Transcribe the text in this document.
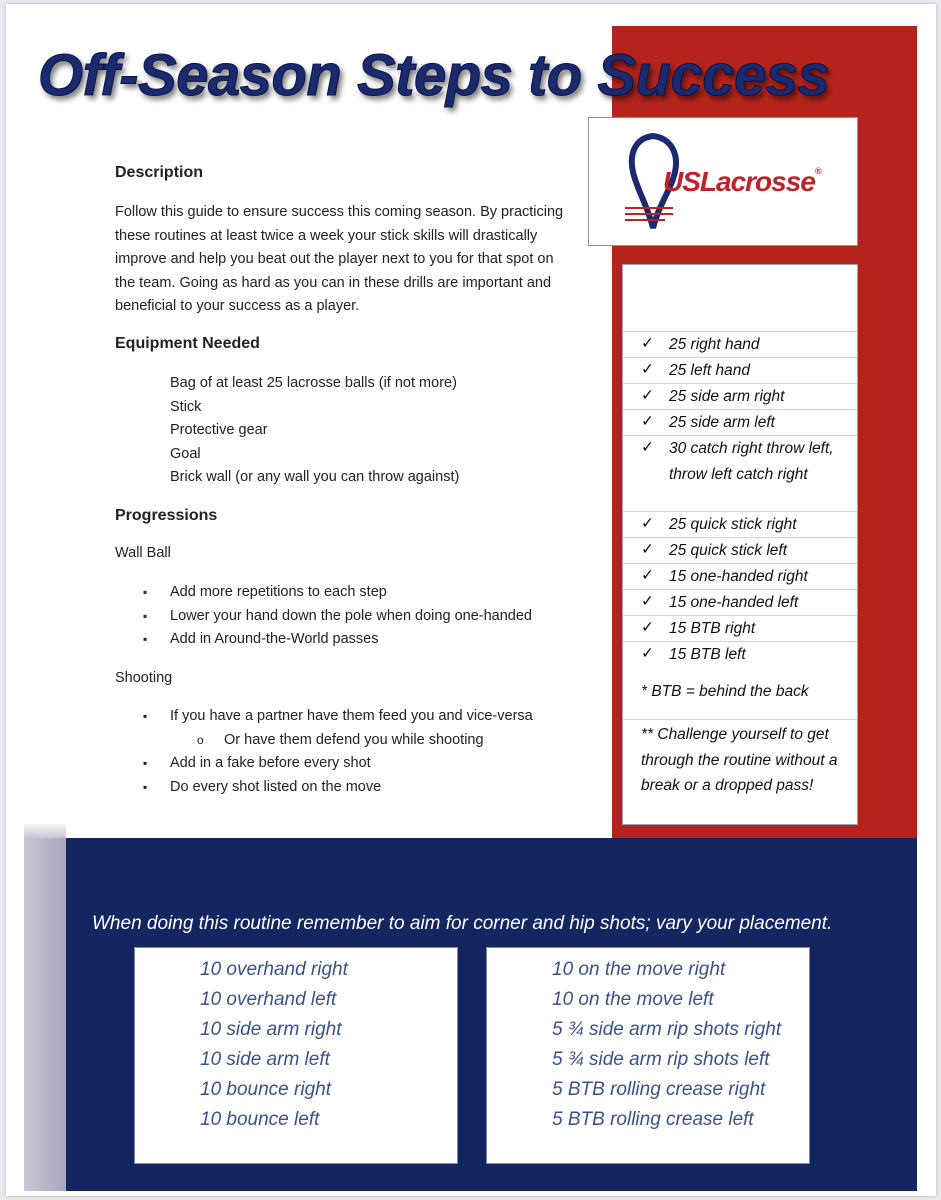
Off-Season Steps to Success
USLacrosse®
Description

Follow this guide to ensure success this coming season. By practicing these routines at least twice a week your stick skills will drastically improve and help you beat out the player next to you for that spot on the team. Going as hard as you can in these drills are important and beneficial to your success as a player.

Equipment Needed
Bag of at least 25 lacrosse balls (if not more)
Stick
Protective gear
Goal
Brick wall (or any wall you can throw against)
Progressions

Wall Ball

▪ Add more repetitions to each step
▪ Lower your hand down the pole when doing one-handed
▪ Add in Around-the-World passes

Shooting

▪ If you have a partner have them feed you and vice-versa
o Or have them defend you while shooting
▪ Add in a fake before every shot
▪ Do every shot listed on the move
✓ 25 right hand
✓ 25 left hand
✓ 25 side arm right
✓ 25 side arm left
✓ 30 catch right throw left, throw left catch right
✓ 25 quick stick right
✓ 25 quick stick left
✓ 15 one-handed right
✓ 15 one-handed left
✓ 15 BTB right
✓ 15 BTB left
* BTB = behind the back
** Challenge yourself to get through the routine without a break or a dropped pass!

When doing this routine remember to aim for corner and hip shots; vary your placement.

10 overhand right
10 overhand left
10 side arm right
10 side arm left
10 bounce right
10 bounce left
10 on the move right
10 on the move left
5 ¾ side arm rip shots right
5 ¾ side arm rip shots left
5 BTB rolling crease right
5 BTB rolling crease left
